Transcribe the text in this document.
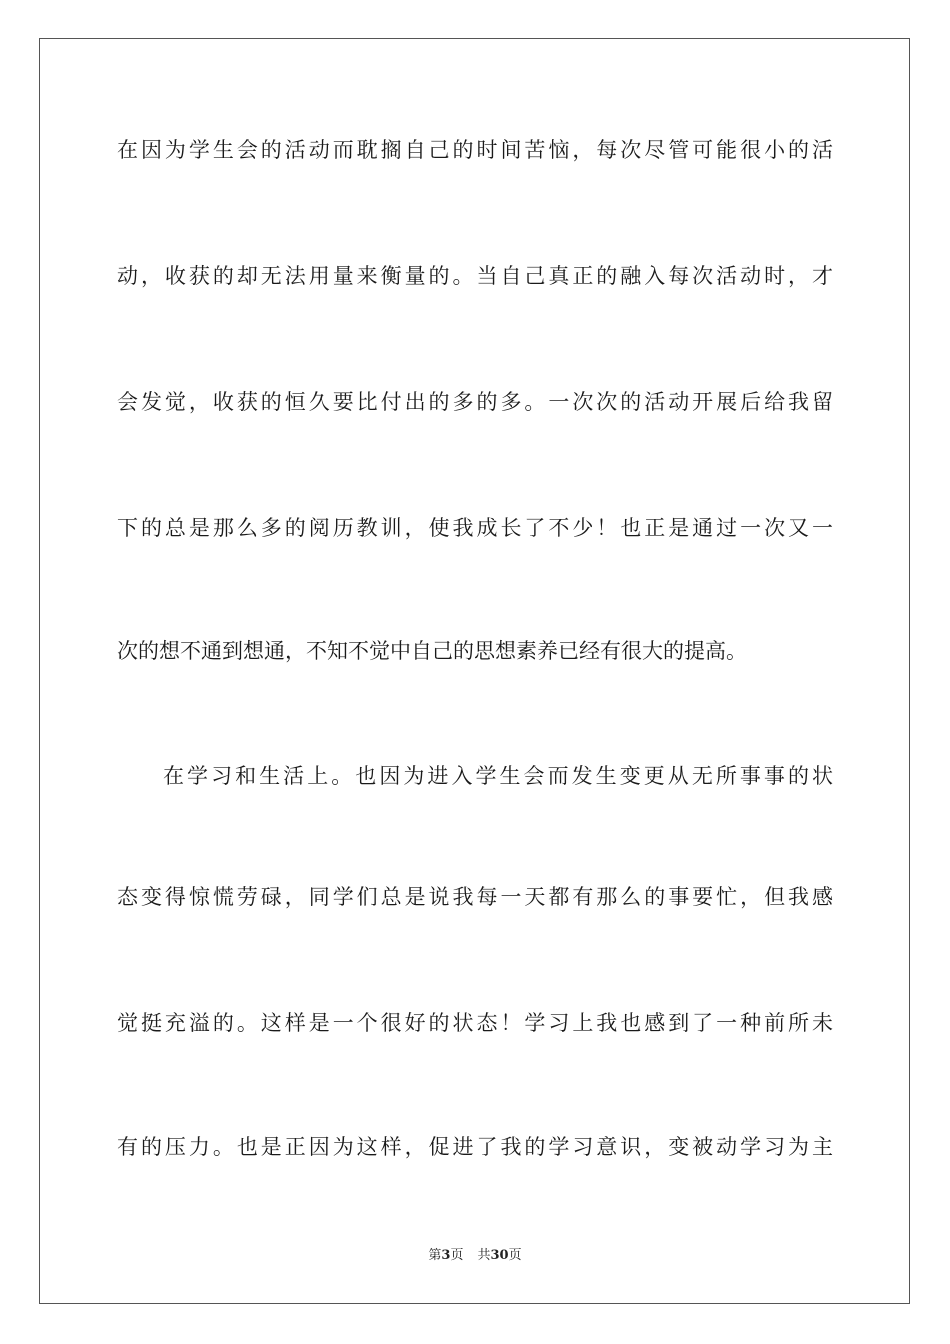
在因为学生会的活动而耽搁自己的时间苦恼，每次尽管可能很小的活
动，收获的却无法用量来衡量的。当自己真正的融入每次活动时，才
会发觉，收获的恒久要比付出的多的多。一次次的活动开展后给我留
下的总是那么多的阅历教训，使我成长了不少！也正是通过一次又一
次的想不通到想通，不知不觉中自己的思想素养已经有很大的提高。
在学习和生活上。也因为进入学生会而发生变更从无所事事的状
态变得惊慌劳碌，同学们总是说我每一天都有那么的事要忙，但我感
觉挺充溢的。这样是一个很好的状态！学习上我也感到了一种前所未
有的压力。也是正因为这样，促进了我的学习意识，变被动学习为主
第3页 共30页
